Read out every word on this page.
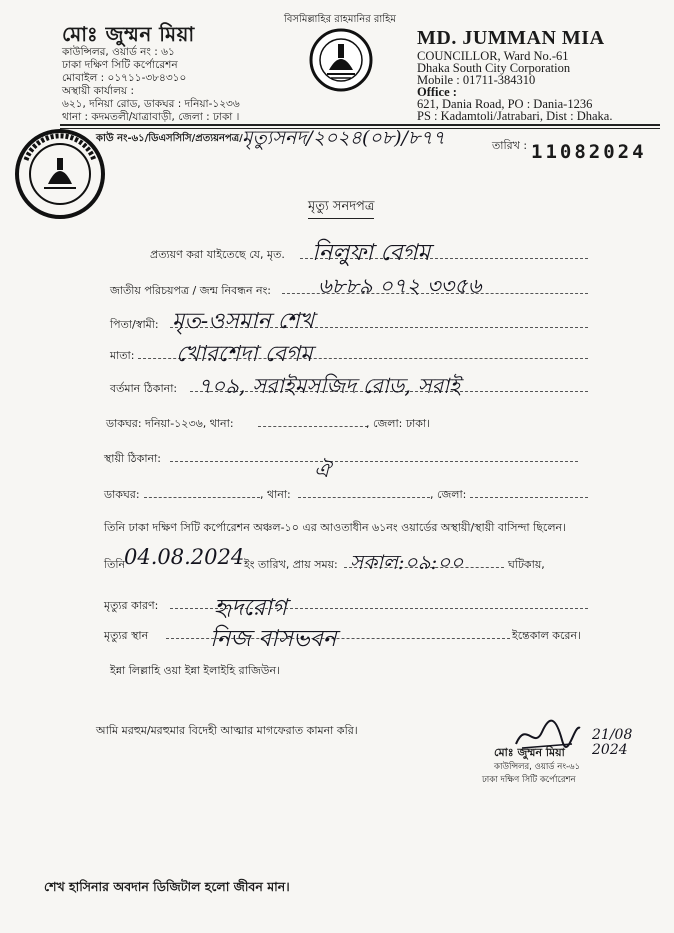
বিসমিল্লাহির রাহমানির রাহিম
মোঃ জুম্মন মিয়া
কাউন্সিলর, ওয়ার্ড নং : ৬১
ঢাকা দক্ষিণ সিটি কর্পোরেশন
মোবাইল : ০১৭১১-৩৮৪৩১০
অস্থায়ী কার্যালয় :
৬২১, দনিয়া রোড, ডাকঘর : দনিয়া-১২৩৬
থানা : কদমতলী/যাত্রাবাড়ী, জেলা : ঢাকা ।
MD. JUMMAN MIA
COUNCILLOR, Ward No.-61
Dhaka South City Corporation
Mobile : 01711-384310
Office :
621, Dania Road, PO : Dania-1236
PS : Kadamtoli/Jatrabari, Dist : Dhaka.
কাউ নং-৬১/ডিএসসিসি/প্রত্যয়নপত্র/ মৃত্যুসনদ/২০২৪(০৮)/৮৭৭	তারিখ : 11082024
মৃত্যু সনদপত্র
প্রত্যয়ণ করা যাইতেছে যে, মৃত. নিলুফা বেগম
জাতীয় পরিচয়পত্র / জন্ম নিবন্ধন নং: ৬৮৮৯ ০৭২ ৩৩৫৬
পিতা/স্বামী: মৃত-ওসমান শেখ
মাতা: খোরশেদা বেগম
বর্তমান ঠিকানা: ৭০৯, সরাইমসজিদ রোড, সরাই
ডাকঘর: দনিয়া-১২৩৬, থানা:	, জেলা: ঢাকা।
স্থায়ী ঠিকানা:	ঐ
ডাকঘর:	, থানা:	, জেলা:
তিনি ঢাকা দক্ষিণ সিটি কর্পোরেশন অঞ্চল-১০ এর আওতাধীন ৬১নং ওয়ার্ডের অস্থায়ী/স্থায়ী বাসিন্দা ছিলেন।
তিনি
04.08.2024 ইং তারিখ, প্রায় সময়: সকাল:০৯:০০	ঘটিকায়,
মৃত্যুর কারণ: হৃদরোগ
মৃত্যুর স্থান	নিজ বাসভবন	ইন্তেকাল করেন।
ইন্না লিল্লাহি ওয়া ইন্না ইলাইহি রাজিউন।
আমি মরহুম/মরহুমার বিদেহী আত্মার মাগফেরাত কামনা করি।	21/08 2024
মোঃ জুম্মন মিয়া
কাউন্সিলর, ওয়ার্ড নং-৬১
ঢাকা দক্ষিণ সিটি কর্পোরেশন
শেখ হাসিনার অবদান ডিজিটাল হলো জীবন মান।
